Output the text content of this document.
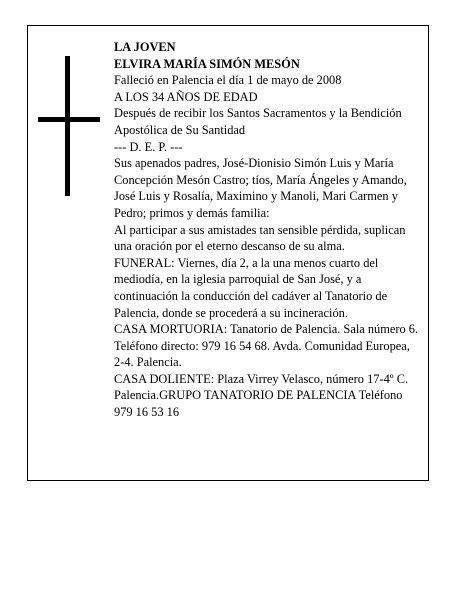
LA JOVEN

ELVIRA MARÍA SIMÓN MESÓN

Falleció en Palencia el día 1 de mayo de 2008

A LOS 34 AÑOS DE EDAD

Después de recibir los Santos Sacramentos y la Bendición Apostólica de Su Santidad

--- D. E. P. ---

Sus apenados padres, José-Dionisio Simón Luis y María Concepción Mesón Castro; tíos, María Ángeles y Amando, José Luis y Rosalía, Maximino y Manoli, Mari Carmen y Pedro; primos y demás familia:

Al participar a sus amistades tan sensible pérdida, suplican una oración por el eterno descanso de su alma.

FUNERAL: Viernes, día 2, a la una menos cuarto del mediodía, en la iglesia parroquial de San José, y a continuación la conducción del cadáver al Tanatorio de Palencia, donde se procederá a su incineración.

CASA MORTUORIA: Tanatorio de Palencia. Sala número 6. Teléfono directo: 979 16 54 68. Avda. Comunidad Europea, 2-4. Palencia.

CASA DOLIENTE: Plaza Virrey Velasco, número 17-4º C. Palencia.GRUPO TANATORIO DE PALENCIA Teléfono 979 16 53 16
